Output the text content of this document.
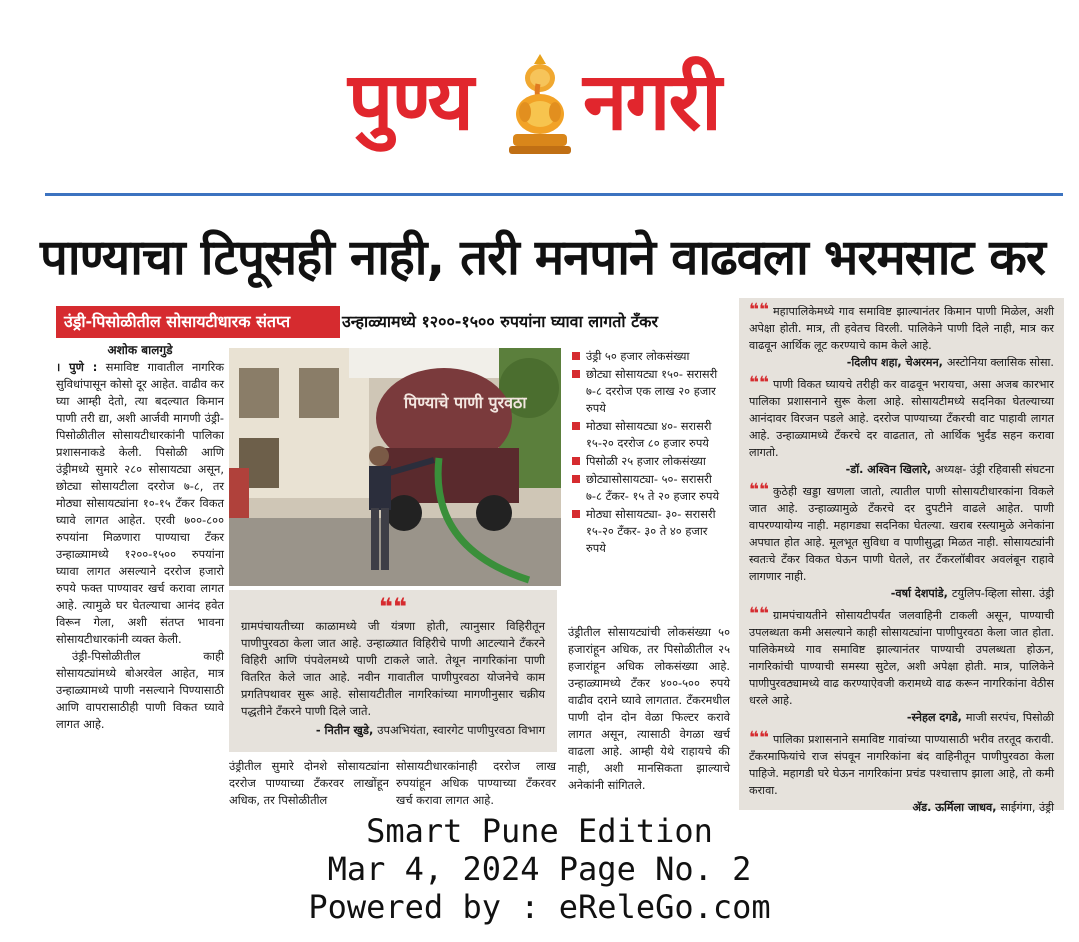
पुण्य नगरी
पाण्याचा टिपूसही नाही, तरी मनपाने वाढवला भरमसाट कर
उंड्री-पिसोळीतील सोसायटीधारक संतप्त	उन्हाळ्यामध्ये १२००-१५०० रुपयांना घ्यावा लागतो टँकर
अशोक बालगुडे

। पुणे : समाविष्ट गावातील नागरिक सुविधांपासून कोसो दूर आहेत. वाढीव कर घ्या आम्ही देतो, त्या बदल्यात किमान पाणी तरी द्या, अशी आर्जवी मागणी उंड्री-पिसोळीतील सोसायटीधारकांनी पालिका प्रशासनाकडे केली. पिसोळी आणि उंड्रीमध्ये सुमारे २८० सोसायट्या असून, छोट्या सोसायटीला दररोज ७-८, तर मोठ्या सोसायट्यांना १०-१५ टँकर विकत घ्यावे लागत आहेत. एरवी ७००-८०० रुपयांना मिळणारा पाण्याचा टँकर उन्हाळ्यामध्ये १२००-१५०० रुपयांना घ्यावा लागत असल्याने दररोज हजारो रुपये फक्त पाण्यावर खर्च करावा लागत आहे. त्यामुळे घर घेतल्याचा आनंद हवेत विरून गेला, अशी संतप्त भावना सोसायटीधारकांनी व्यक्त केली.

उंड्री-पिसोळीतील काही सोसायट्यांमध्ये बोअरवेल आहेत, मात्र उन्हाळ्यामध्ये पाणी नसल्याने पिण्यासाठी आणि वापरासाठीही पाणी विकत घ्यावे लागत आहे.

पिण्याचे पाणी पुरवठा
उंड्री ५० हजार लोकसंख्या
छोट्या सोसायट्या १५०- सरासरी ७-८ दररोज एक लाख २० हजार रुपये
मोठ्या सोसायट्या ४०- सरासरी १५-२० दररोज ८० हजार रुपये
पिसोळी २५ हजार लोकसंख्या
छोट्यासोसायट्या- ५०- सरासरी ७-८ टँकर- १५ ते २० हजार रुपये
मोठ्या सोसायट्या- ३०- सरासरी १५-२० टँकर- ३० ते ४० हजार रुपये
❝❝
ग्रामपंचायतीच्या काळामध्ये जी यंत्रणा होती, त्यानुसार विहिरीतून पाणीपुरवठा केला जात आहे. उन्हाळ्यात विहिरीचे पाणी आटल्याने टँकरने विहिरी आणि पंपवेलमध्ये पाणी टाकले जाते. तेथून नागरिकांना पाणी वितरित केले जात आहे. नवीन गावातील पाणीपुरवठा योजनेचे काम प्रगतिपथावर सुरू आहे. सोसायटीतील नागरिकांच्या मागणीनुसार चक्रीय पद्धतीने टँकरने पाणी दिले जाते.
- नितीन खुडे, उपअभियंता, स्वारगेट पाणीपुरवठा विभाग
उंड्रीतील सुमारे दोनशे सोसायट्यांना दररोज पाण्याच्या टँकरवर लाखोंहून अधिक, तर पिसोळीतील
सोसायटीधारकांनाही दररोज लाख रुपयांहून अधिक पाण्याच्या टँकरवर खर्च करावा लागत आहे.
उंड्रीतील सोसायट्यांची लोकसंख्या ५० हजारांहून अधिक, तर पिसोळीतील २५ हजारांहून अधिक लोकसंख्या आहे. उन्हाळ्यामध्ये टँकर ४००-५०० रुपये वाढीव दराने घ्यावे लागतात. टँकरमधील पाणी दोन दोन वेळा फिल्टर करावे लागत असून, त्यासाठी वेगळा खर्च वाढला आहे. आम्ही येथे राहायचे की नाही, अशी मानसिकता झाल्याचे अनेकांनी सांगितले.

❝❝ महापालिकेमध्ये गाव समाविष्ट झाल्यानंतर किमान पाणी मिळेल, अशी अपेक्षा होती. मात्र, ती हवेतच विरली. पालिकेने पाणी दिले नाही, मात्र कर वाढवून आर्थिक लूट करण्याचे काम केले आहे.

-दिलीप शहा, चेअरमन, अस्टोनिया क्लासिक सोसा.

❝❝ पाणी विकत घ्यायचे तरीही कर वाढवून भरायचा, असा अजब कारभार पालिका प्रशासनाने सुरू केला आहे. सोसायटीमध्ये सदनिका घेतल्याच्या आनंदावर विरजन पडले आहे. दररोज पाण्याच्या टँकरची वाट पाहावी लागत आहे. उन्हाळ्यामध्ये टँकरचे दर वाढतात, तो आर्थिक भुर्दंड सहन करावा लागतो.

-डॉ. अश्विन खिलारे, अध्यक्ष- उंड्री रहिवासी संघटना

❝❝ कुठेही खड्डा खणला जातो, त्यातील पाणी सोसायटीधारकांना विकले जात आहे. उन्हाळ्यामुळे टँकरचे दर दुपटीने वाढले आहेत. पाणी वापरण्यायोग्य नाही. महागड्या सदनिका घेतल्या. खराब रस्त्यामुळे अनेकांना अपघात होत आहे. मूलभूत सुविधा व पाणीसुद्धा मिळत नाही. सोसायट्यांनी स्वतःचे टँकर विकत घेऊन पाणी घेतले, तर टँकरलॉबीवर अवलंबून राहावे लागणार नाही.

-वर्षा देशपांडे, टयुलिप-व्हिला सोसा. उंड्री

❝❝ ग्रामपंचायतीने सोसायटीपर्यंत जलवाहिनी टाकली असून, पाण्याची उपलब्धता कमी असल्याने काही सोसायट्यांना पाणीपुरवठा केला जात होता. पालिकेमध्ये गाव समाविष्ट झाल्यानंतर पाण्याची उपलब्धता होऊन, नागरिकांची पाण्याची समस्या सुटेल, अशी अपेक्षा होती. मात्र, पालिकेने पाणीपुरवठ्यामध्ये वाढ करण्याऐवजी करामध्ये वाढ करून नागरिकांना वेठीस धरले आहे.

-स्नेहल दगडे, माजी सरपंच, पिसोळी

❝❝ पालिका प्रशासनाने समाविष्ट गावांच्या पाण्यासाठी भरीव तरतूद करावी. टँकरमाफियांचे राज संपवून नागरिकांना बंद वाहिनीतून पाणीपुरवठा केला पाहिजे. महागडी घरे घेऊन नागरिकांना प्रचंड पश्चात्ताप झाला आहे, तो कमी करावा.

अ‍ॅड. ऊर्मिला जाधव, साईगंगा, उंड्री

Smart Pune Edition
Mar 4, 2024 Page No. 2
Powered by : eReleGo.com
